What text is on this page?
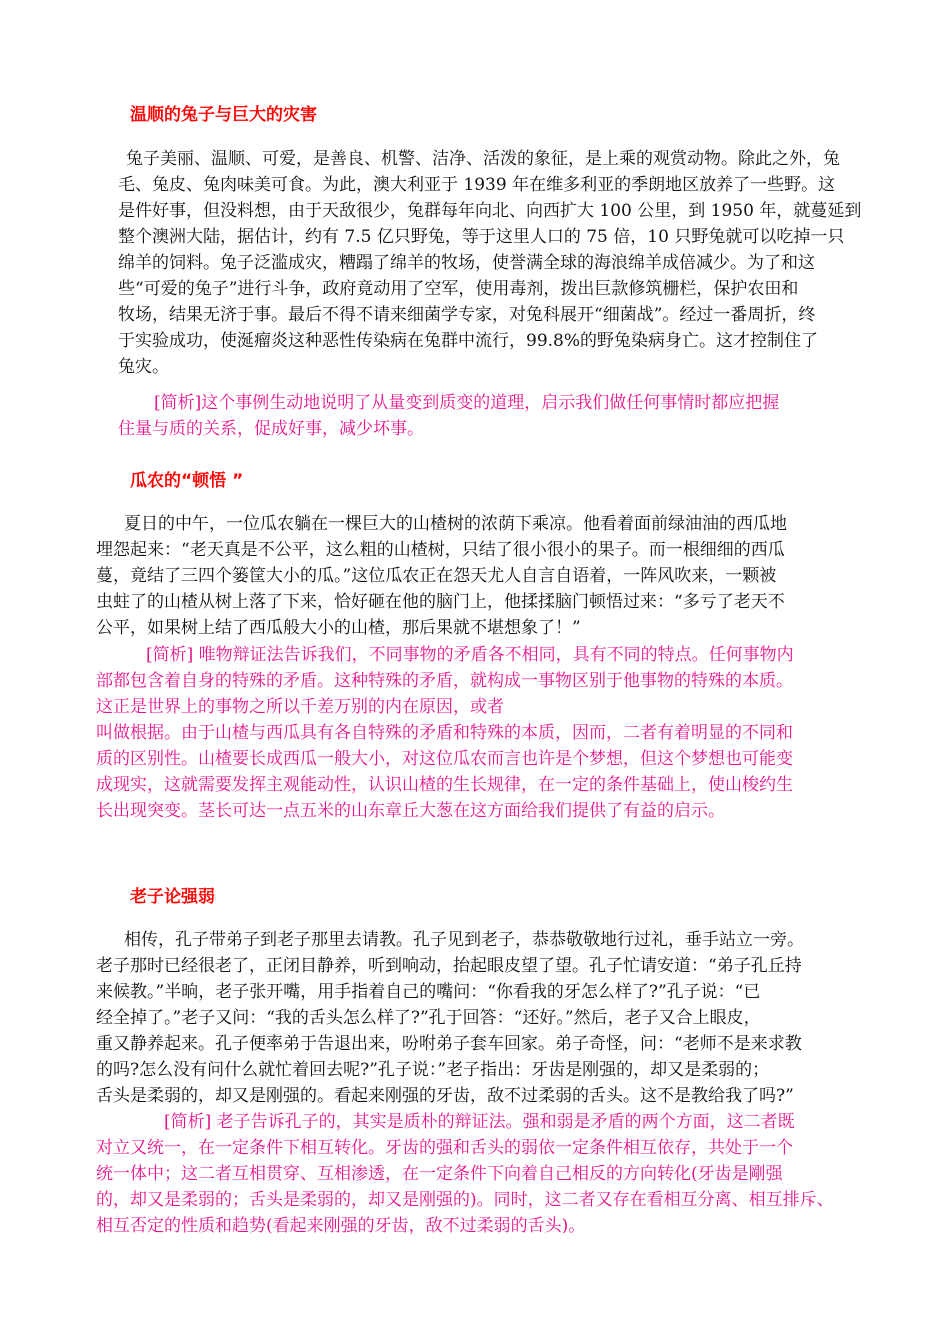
温顺的兔子与巨大的灾害
兔子美丽、温顺、可爱，是善良、机警、洁净、活泼的象征，是上乘的观赏动物。除此之外，兔
毛、兔皮、兔肉味美可食。为此，澳大利亚于 1939 年在维多利亚的季朗地区放养了一些野。这
是件好事，但没料想，由于天敌很少，兔群每年向北、向西扩大 100 公里，到 1950 年，就蔓延到
整个澳洲大陆，据估计，约有 7.5 亿只野兔，等于这里人口的 75 倍，10 只野兔就可以吃掉一只
绵羊的饲料。兔子泛滥成灾，糟蹋了绵羊的牧场，使誉满全球的海浪绵羊成倍减少。为了和这
些“可爱的兔子”进行斗争，政府竟动用了空军，使用毒剂，拨出巨款修筑栅栏，保护农田和
牧场，结果无济于事。最后不得不请来细菌学专家，对兔科展开“细菌战”。经过一番周折，终
于实验成功，使涎瘤炎这种恶性传染病在兔群中流行，99.8%的野兔染病身亡。这才控制住了
兔灾。
[简析]这个事例生动地说明了从量变到质变的道理，启示我们做任何事情时都应把握
住量与质的关系，促成好事，减少坏事。
瓜农的“顿悟 ”
夏日的中午，一位瓜农躺在一棵巨大的山楂树的浓荫下乘凉。他看着面前绿油油的西瓜地
埋怨起来：“老天真是不公平，这么粗的山楂树，只结了很小很小的果子。而一根细细的西瓜
蔓，竟结了三四个篓筐大小的瓜。”这位瓜农正在怨天尤人自言自语着，一阵风吹来，一颗被
虫蛀了的山楂从树上落了下来，恰好砸在他的脑门上，他揉揉脑门顿悟过来：“多亏了老天不
公平，如果树上结了西瓜般大小的山楂，那后果就不堪想象了！”
[简析] 唯物辩证法告诉我们，不同事物的矛盾各不相同，具有不同的特点。任何事物内
部都包含着自身的特殊的矛盾。这种特殊的矛盾，就构成一事物区别于他事物的特殊的本质。
这正是世界上的事物之所以千差万别的内在原因，或者
叫做根据。由于山楂与西瓜具有各自特殊的矛盾和特殊的本质，因而，二者有着明显的不同和
质的区别性。山楂要长成西瓜一般大小，对这位瓜农而言也许是个梦想，但这个梦想也可能变
成现实，这就需要发挥主观能动性，认识山楂的生长规律，在一定的条件基础上，使山梭约生
长出现突变。茎长可达一点五米的山东章丘大葱在这方面给我们提供了有益的启示。
老子论强弱
相传，孔子带弟子到老子那里去请教。孔子见到老子，恭恭敬敬地行过礼，垂手站立一旁。
老子那时已经很老了，正闭目静养，听到响动，抬起眼皮望了望。孔子忙请安道：“弟子孔丘持
来候教。”半晌，老子张开嘴，用手指着自己的嘴问：“你看我的牙怎么样了?”孔子说：“已
经全掉了。”老子又问：“我的舌头怎么样了?”孔于回答：“还好。”然后，老子又合上眼皮，
重又静养起来。孔子便率弟于告退出来，吩咐弟子套车回家。弟子奇怪，问：“老师不是来求教
的吗?怎么没有问什么就忙着回去呢?”孔子说：”老子指出：牙齿是刚强的，却又是柔弱的；
舌头是柔弱的，却又是刚强的。看起来刚强的牙齿，敌不过柔弱的舌头。这不是教给我了吗?”
[简析] 老子告诉孔子的，其实是质朴的辩证法。强和弱是矛盾的两个方面，这二者既
对立又统一，在一定条件下相互转化。牙齿的强和舌头的弱依一定条件相互依存，共处于一个
统一体中；这二者互相贯穿、互相渗透，在一定条件下向着自己相反的方向转化(牙齿是剛强
的，却又是柔弱的；舌头是柔弱的，却又是刚强的)。同时，这二者又存在看相互分离、相互排斥、
相互否定的性质和趋势(看起来刚强的牙齿，敌不过柔弱的舌头)。
